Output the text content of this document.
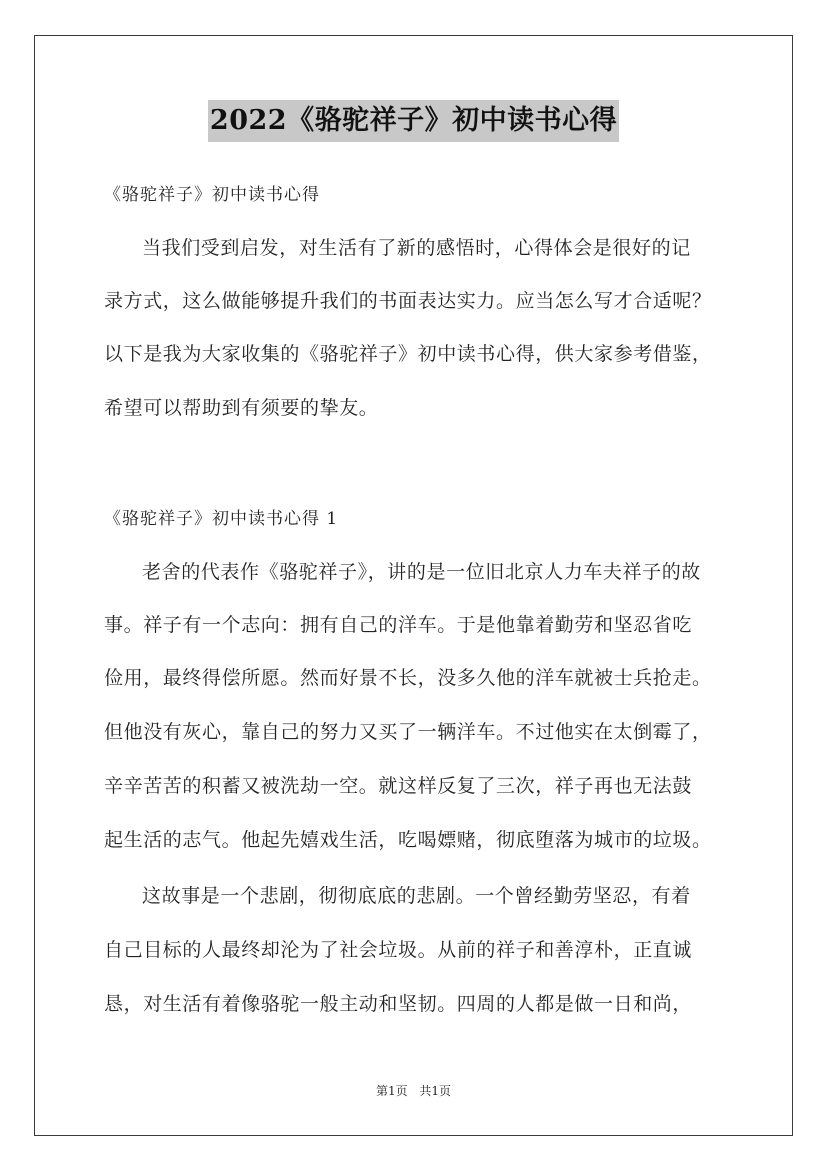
2022《骆驼祥子》初中读书心得
《骆驼祥子》初中读书心得
当我们受到启发，对生活有了新的感悟时，心得体会是很好的记
录方式，这么做能够提升我们的书面表达实力。应当怎么写才合适呢？
以下是我为大家收集的《骆驼祥子》初中读书心得，供大家参考借鉴，
希望可以帮助到有须要的挚友。
《骆驼祥子》初中读书心得 1
老舍的代表作《骆驼祥子》，讲的是一位旧北京人力车夫祥子的故
事。祥子有一个志向：拥有自己的洋车。于是他靠着勤劳和坚忍省吃
俭用，最终得偿所愿。然而好景不长，没多久他的洋车就被士兵抢走。
但他没有灰心，靠自己的努力又买了一辆洋车。不过他实在太倒霉了，
辛辛苦苦的积蓄又被洗劫一空。就这样反复了三次，祥子再也无法鼓
起生活的志气。他起先嬉戏生活，吃喝嫖赌，彻底堕落为城市的垃圾。
这故事是一个悲剧，彻彻底底的悲剧。一个曾经勤劳坚忍，有着
自己目标的人最终却沦为了社会垃圾。从前的祥子和善淳朴，正直诚
恳，对生活有着像骆驼一般主动和坚韧。四周的人都是做一日和尚，
第1页 共1页
